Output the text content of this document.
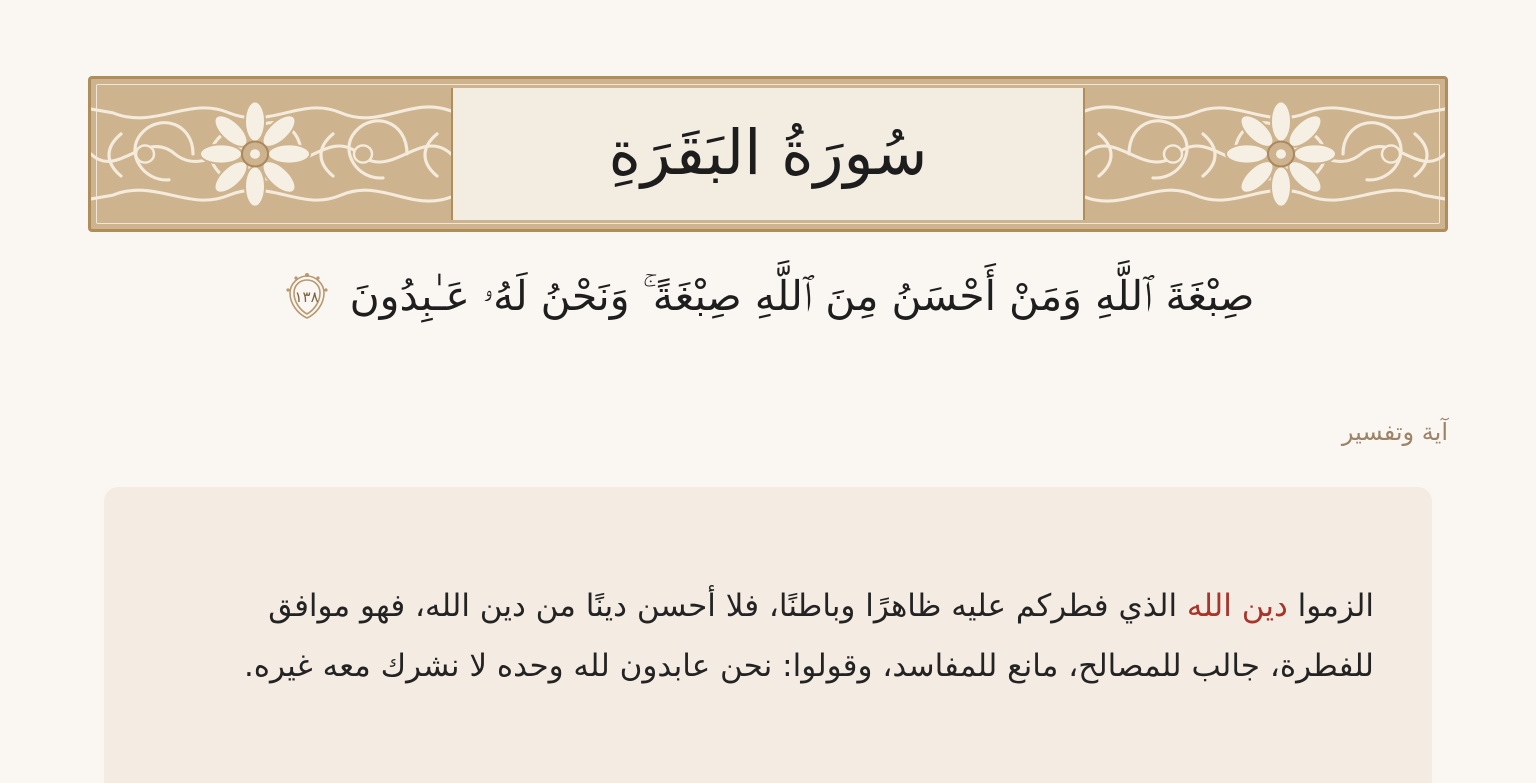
سُورَةُ البَقَرَةِ
صِبْغَةَ ٱللَّهِ وَمَنْ أَحْسَنُ مِنَ ٱللَّهِ صِبْغَةً ۚ وَنَحْنُ لَهُۥ عَـٰبِدُونَ
١٣٨
آية وتفسير

الزموا دين الله الذي فطركم عليه ظاهرًا وباطنًا، فلا أحسن دينًا من دين الله، فهو موافق للفطرة، جالب للمصالح، مانع للمفاسد، وقولوا: نحن عابدون لله وحده لا نشرك معه غيره.
